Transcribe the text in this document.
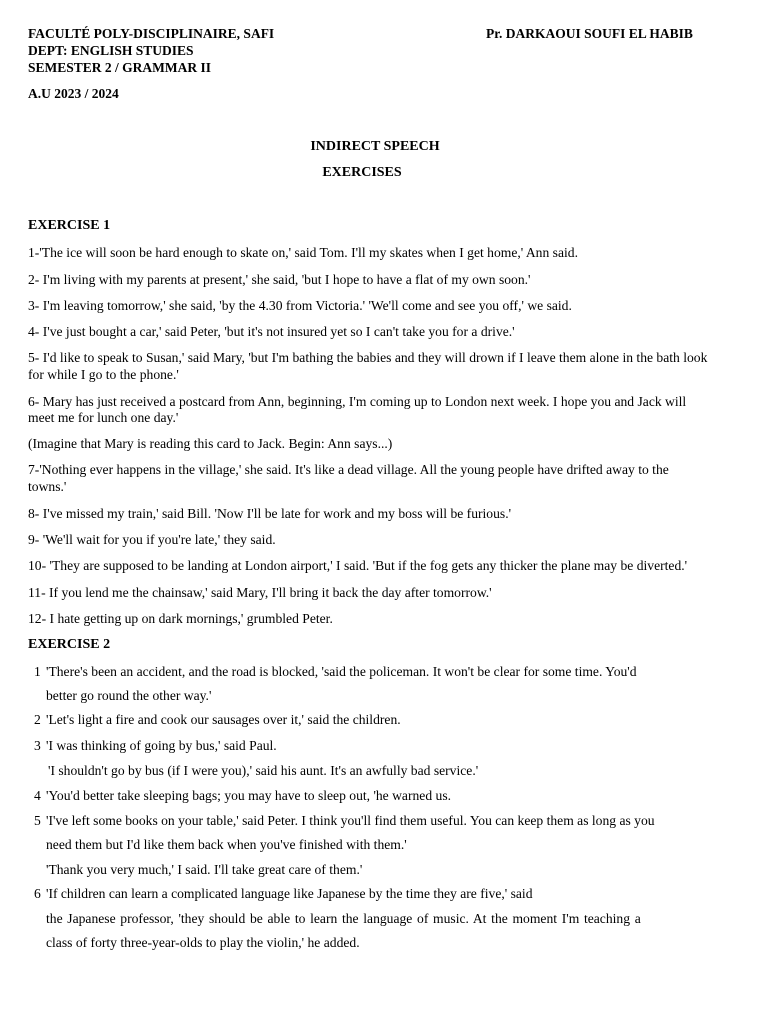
FACULTÉ POLY-DISCIPLINAIRE, SAFI
DEPT: ENGLISH STUDIES
SEMESTER 2 / GRAMMAR II
A.U 2023 / 2024
Pr. DARKAOUI SOUFI EL HABIB
INDIRECT SPEECH
EXERCISES
EXERCISE 1
1-'The ice will soon be hard enough to skate on,' said Tom. I'll my skates when I get home,' Ann said.
2- I'm living with my parents at present,' she said, 'but I hope to have a flat of my own soon.'
3- I'm leaving tomorrow,' she said, 'by the 4.30 from Victoria.' 'We'll come and see you off,' we said.
4- I've just bought a car,' said Peter, 'but it's not insured yet so I can't take you for a drive.'
5- I'd like to speak to Susan,' said Mary, 'but I'm bathing the babies and they will drown if I leave them alone in the bath look
for while I go to the phone.'
6- Mary has just received a postcard from Ann, beginning, I'm coming up to London next week. I hope you and Jack will
meet me for lunch one day.'
(Imagine that Mary is reading this card to Jack. Begin: Ann says...)
7-'Nothing ever happens in the village,' she said. It's like a dead village. All the young people have drifted away to the
towns.'
8- I've missed my train,' said Bill. 'Now I'll be late for work and my boss will be furious.'
9- 'We'll wait for you if you're late,' they said.
10- 'They are supposed to be landing at London airport,' I said. 'But if the fog gets any thicker the plane may be diverted.'
11- If you lend me the chainsaw,' said Mary, I'll bring it back the day after tomorrow.'
12- I hate getting up on dark mornings,' grumbled Peter.
EXERCISE 2
1 'There's been an accident, and the road is blocked, 'said the policeman. It won't be clear for some time. You'd
better go round the other way.'
2 'Let's light a fire and cook our sausages over it,' said the children.
3 'I was thinking of going by bus,' said Paul.
'I shouldn't go by bus (if I were you),' said his aunt. It's an awfully bad service.'
4 'You'd better take sleeping bags; you may have to sleep out, 'he warned us.
5 'I've left some books on your table,' said Peter. I think you'll find them useful. You can keep them as long as you
need them but I'd like them back when you've finished with them.'
'Thank you very much,' I said. I'll take great care of them.'
6 'If children can learn a complicated language like Japanese by the time they are five,' said
the Japanese professor, 'they should be able to learn the language of music. At the moment I'm teaching a
class of forty three-year-olds to play the violin,' he added.
